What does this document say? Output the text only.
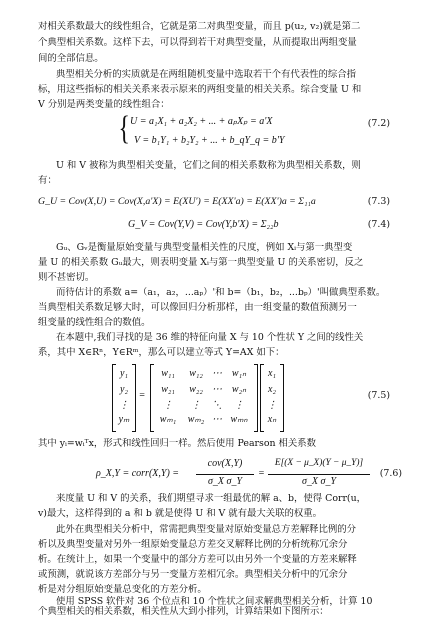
对相关系数最大的线性组合，它就是第二对典型变量，而且 p(u₂, v₂)就是第二
个典型相关系数。这样下去，可以得到若干对典型变量，从而提取出两组变量
间的全部信息。
典型相关分析的实质就是在两组随机变量中选取若干个有代表性的综合指
标，用这些指标的相关关系来表示原来的两组变量的相关关系。综合变量 U 和
V 分别是两类变量的线性组合：
{ U = a₁X₁ + a₂X₂ + ... + aₚXₚ = a'X
V = b₁Y₁ + b₂Y₂ + ... + b_qY_q = b'Y
(7.2)
U 和 V 被称为典型相关变量，它们之间的相关系数称为典型相关系数，则
有：
G_U = Cov(X,U) = Cov(X,a'X) = E(XU') = E(XX'a) = E(XX')a = Σ₁₁a	(7.3)
G_V = Cov(Y,V) = Cov(Y,b'X) = Σ₂₂b	(7.4)
Gᵤ、Gᵥ是衡量原始变量与典型变量相关性的尺度，例如 Xᵢ与第一典型变
量 U 的相关系数 Gᵤ最大，则表明变量 Xᵢ与第一典型变量 U 的关系密切，反之
则不甚密切。
而待估计的系数 a=（a₁，a₂，...aₚ）'和 b=（b₁，b₂，...bₚ）'叫做典型系数。
当典型相关系数足够大时，可以像回归分析那样，由一组变量的数值预测另一
组变量的线性组合的数值。
在本题中,我们寻找的是 36 维的特征向量 X 与 10 个性状 Y 之间的线性关
系，其中 X∈Rⁿ，Y∈Rᵐ，那么可以建立等式 Y=AX 如下：
y₁
y₂
⋮
yₘ
=
w₁₁	w₁₂ ⋯ w₁ₙ
w₂₁	w₂₂ ⋯ w₂ₙ
⋮	⋮	⋱	⋮
wₘ₁	wₘ₂ ⋯ wₘₙ
x₁
x₂
⋮
xₙ
(7.5)
其中 yᵢ=wᵢᵀx，形式和线性回归一样。然后使用 Pearson 相关系数
ρ_X,Y = corr(X,Y) =
cov(X,Y)
σ_X σ_Y
=
E[(X − μ_X)(Y − μ_Y)]
σ_X σ_Y
(7.6)
来度量 U 和 V 的关系，我们期望寻求一组最优的解 a、b，使得 Corr(u，
v)最大，这样得到的 a 和 b 就是使得 U 和 V 就有最大关联的权重。
此外在典型相关分析中，常需把典型变量对原始变量总方差解释比例的分
析以及典型变量对另外一组原始变量总方差交叉解释比例的分析统称冗余分
析。在统计上，如果一个变量中的部分方差可以由另外一个变量的方差来解释
或预测，就说该方差部分与另一变量方差相冗余。典型相关分析中的冗余分
析是对分组原始变量总变化的方差分析。
使用 SPSS 软件对 36 个位点和 10 个性状之间求解典型相关分析，计算 10
个典型相关的相关系数，相关性从大到小排列，计算结果如下图所示：
